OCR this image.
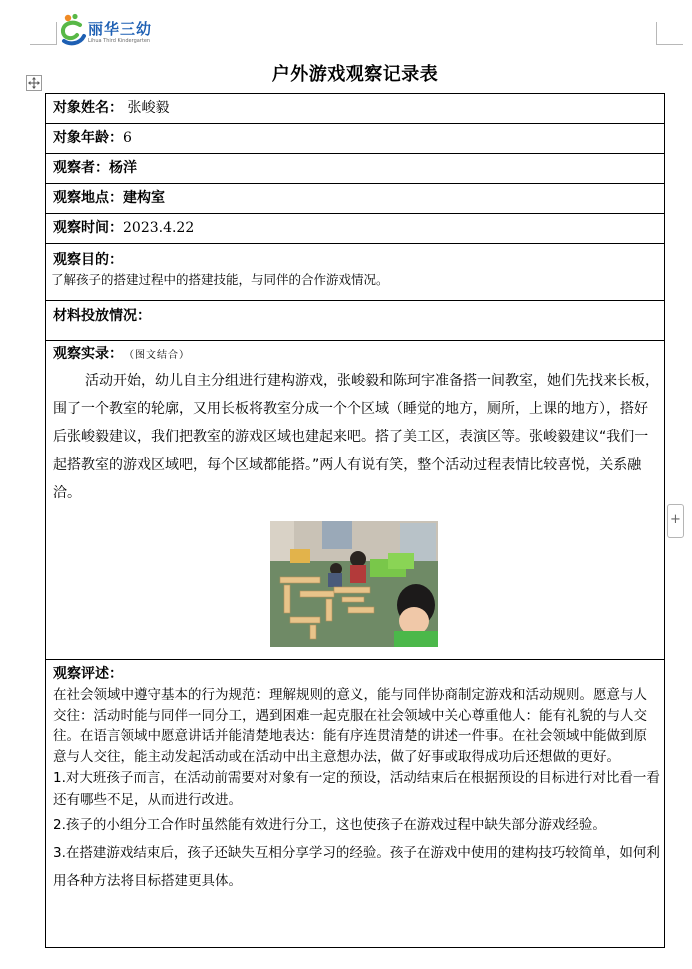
丽华三幼
Lihua Third Kindergarten
+
户外游戏观察记录表
对象姓名： 张峻毅
对象年龄：6
观察者：杨洋
观察地点：建构室
观察时间：2023.4.22
观察目的：
了解孩子的搭建过程中的搭建技能，与同伴的合作游戏情况。
材料投放情况：
观察实录： （图文结合）

活动开始，幼儿自主分组进行建构游戏，张峻毅和陈珂宇准备搭一间教室，她们先找来长板，围了一个教室的轮廓，又用长板将教室分成一个个区域（睡觉的地方，厕所，上课的地方），搭好后张峻毅建议，我们把教室的游戏区域也建起来吧。搭了美工区，表演区等。张峻毅建议“我们一起搭教室的游戏区域吧，每个区域都能搭。”两人有说有笑，整个活动过程表情比较喜悦，关系融洽。

观察评述：

在社会领域中遵守基本的行为规范：理解规则的意义，能与同伴协商制定游戏和活动规则。愿意与人交往：活动时能与同伴一同分工，遇到困难一起克服在社会领域中关心尊重他人：能有礼貌的与人交往。在语言领域中愿意讲话并能清楚地表达：能有序连贯清楚的讲述一件事。在社会领域中能做到原意与人交往，能主动发起活动或在活动中出主意想办法，做了好事或取得成功后还想做的更好。

1.对大班孩子而言，在活动前需要对对象有一定的预设，活动结束后在根据预设的目标进行对比看一看还有哪些不足，从而进行改进。

2.孩子的小组分工合作时虽然能有效进行分工，这也使孩子在游戏过程中缺失部分游戏经验。

3.在搭建游戏结束后，孩子还缺失互相分享学习的经验。孩子在游戏中使用的建构技巧较简单，如何利用各种方法将目标搭建更具体。
